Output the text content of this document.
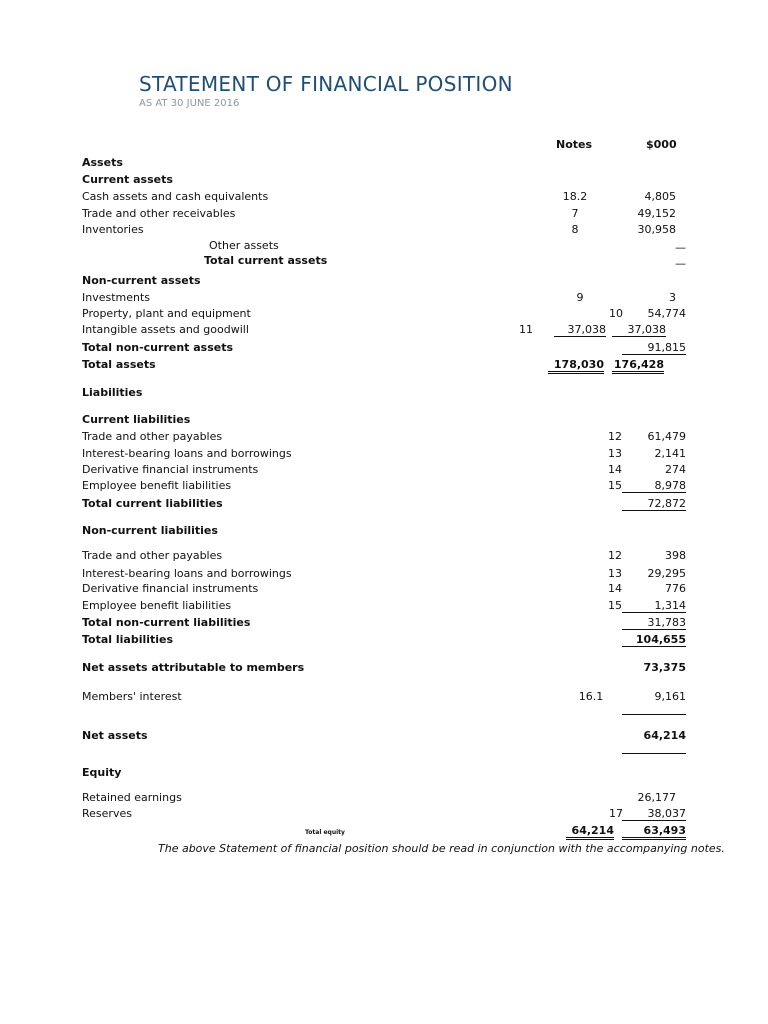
STATEMENT OF FINANCIAL POSITION
AS AT 30 JUNE 2016
Notes	$000
Assets
Current assets
Cash assets and cash equivalents	18.2	4,805
Trade and other receivables	7	49,152
Inventories	8	30,958
Other assets	—
Total current assets	—
Non-current assets
Investments	9	3
Property, plant and equipment	10	54,774
Intangible assets and goodwill	11	37,038	37,038
Total non-current assets	91,815
Total assets	178,030 176,428
Liabilities
Current liabilities
Trade and other payables	12	61,479
Interest-bearing loans and borrowings	13	2,141
Derivative financial instruments	14	274
Employee benefit liabilities	15	8,978
Total current liabilities	72,872
Non-current liabilities
Trade and other payables	12	398
Interest-bearing loans and borrowings	13	29,295
Derivative financial instruments	14	776
Employee benefit liabilities	15	1,314
Total non-current liabilities	31,783
Total liabilities	104,655
Net assets attributable to members	73,375
Members' interest	16.1	9,161
Net assets	64,214
Equity
Retained earnings	26,177
Reserves	17	38,037
Total equity	64,214	63,493
The above Statement of financial position should be read in conjunction with the accompanying notes.
